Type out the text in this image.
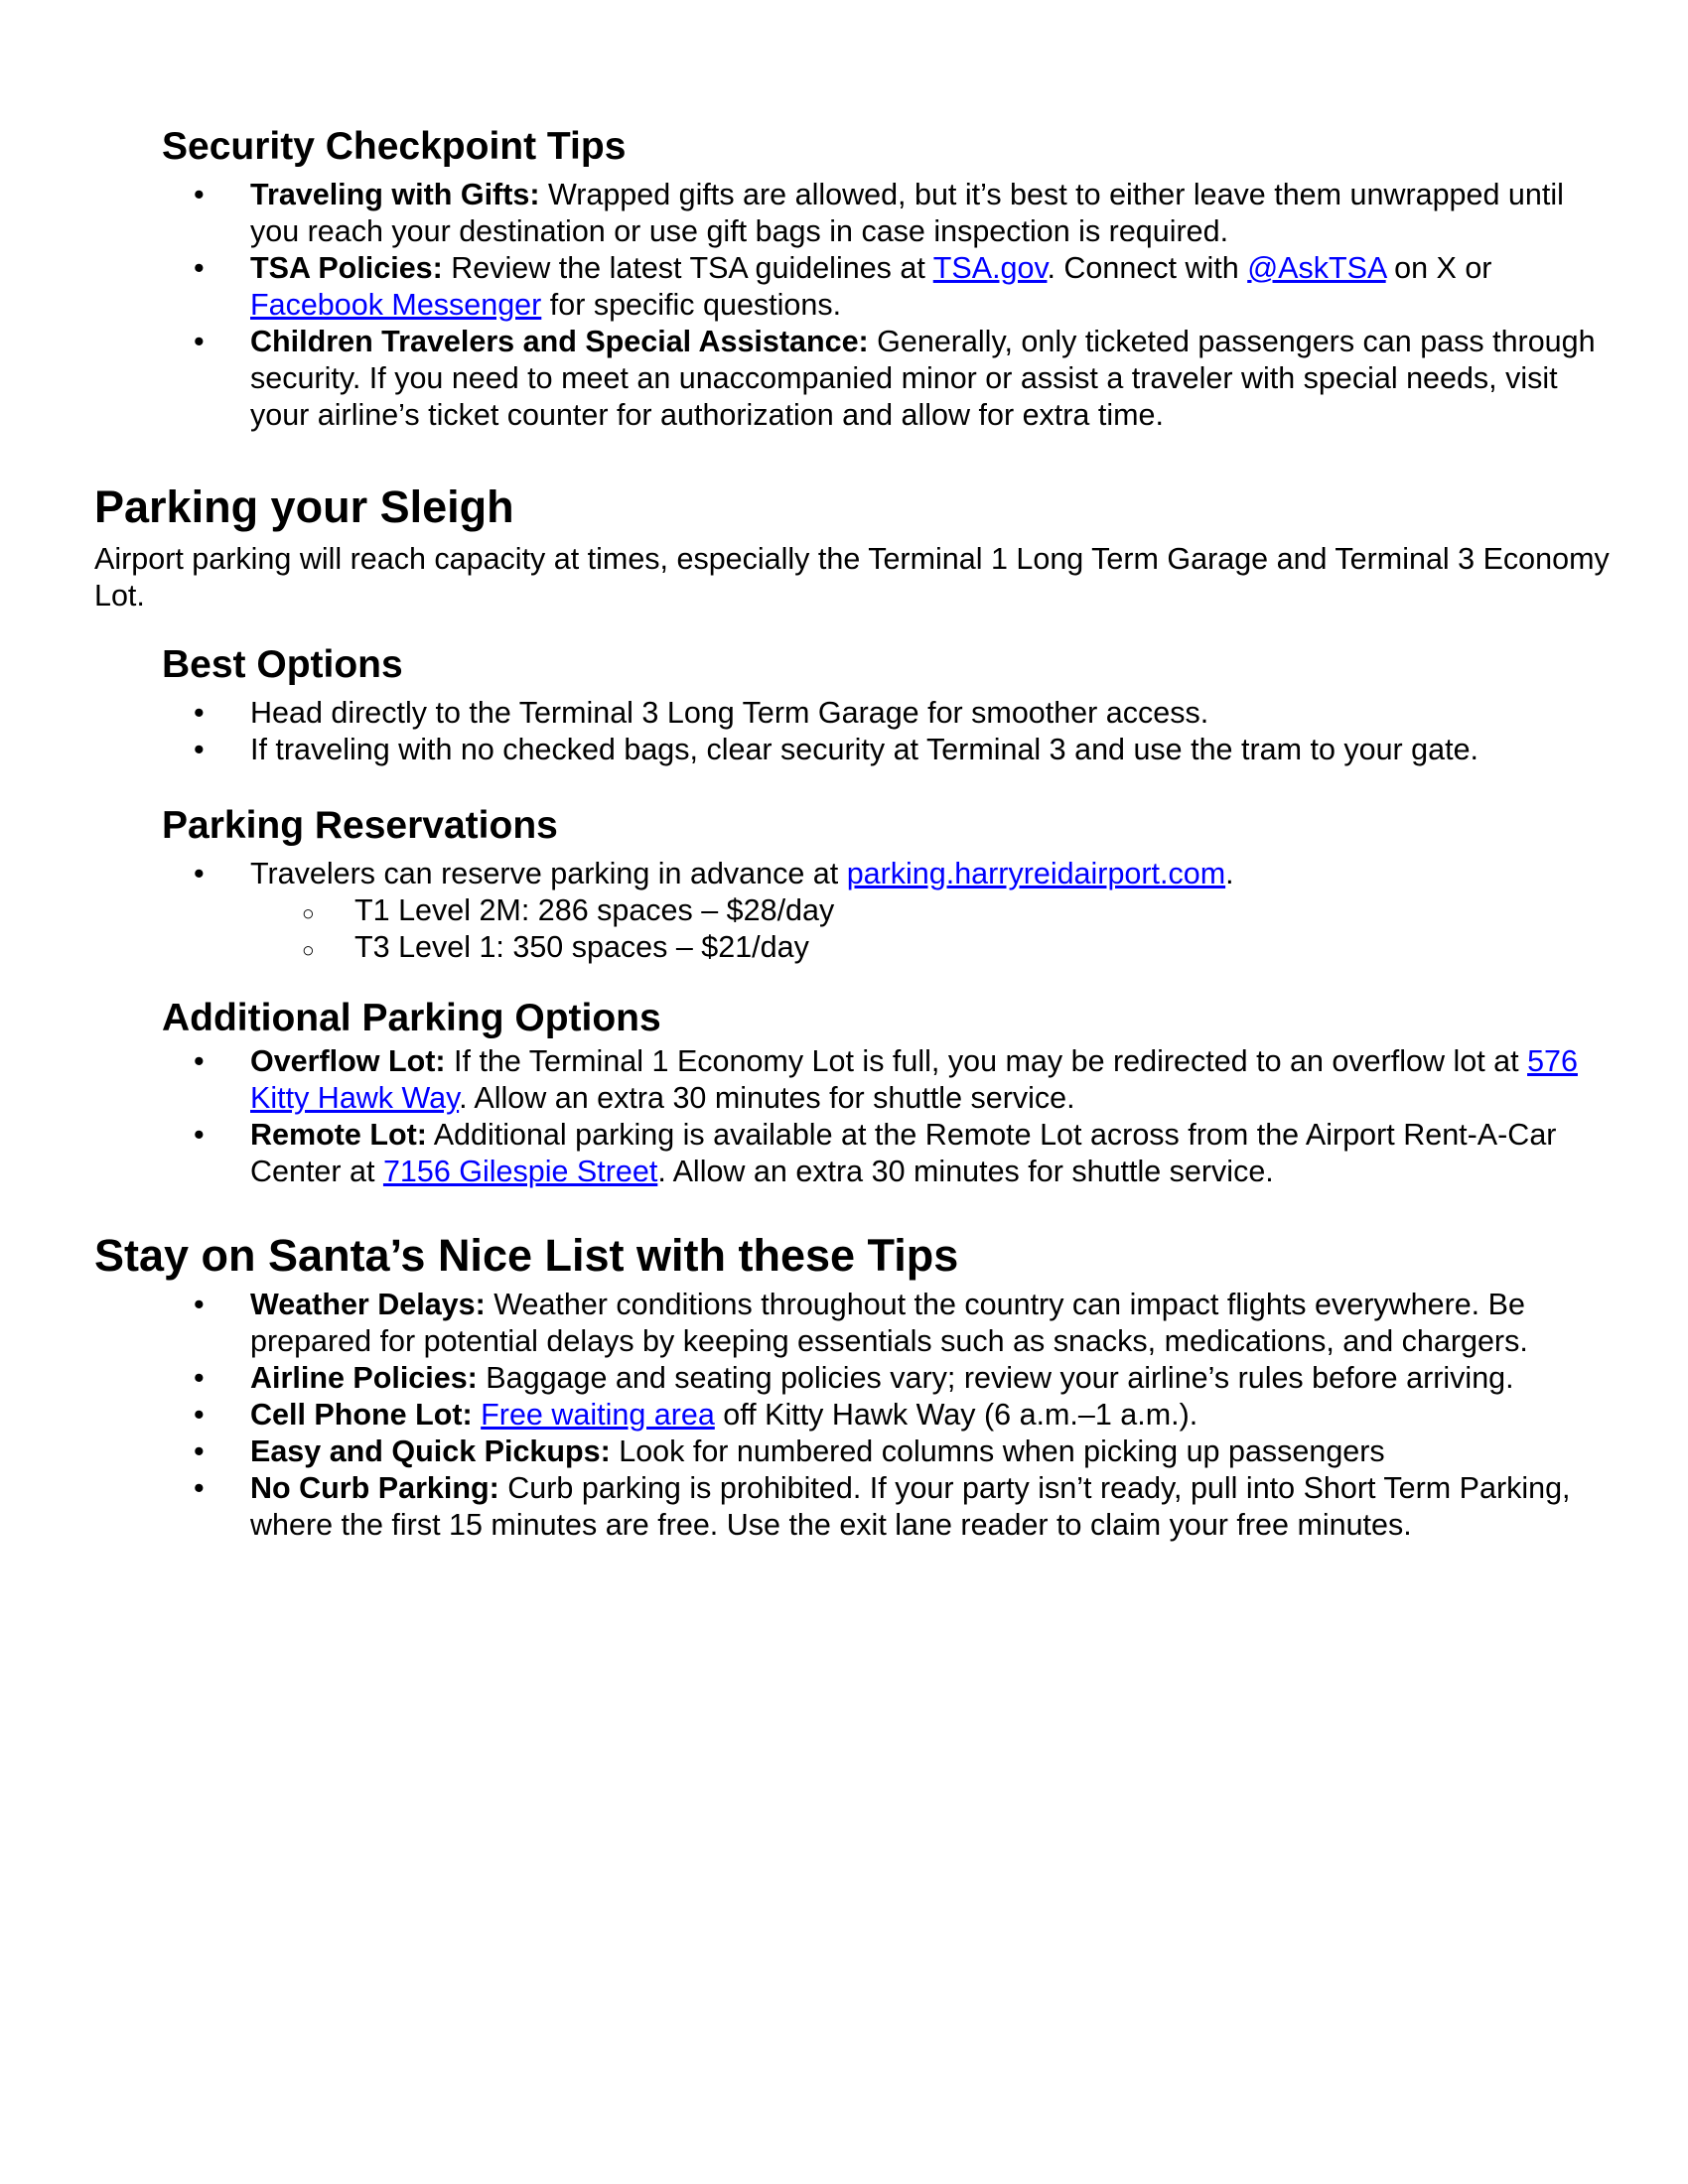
Security Checkpoint Tips
• Traveling with Gifts: Wrapped gifts are allowed, but it’s best to either leave them unwrapped until you reach your destination or use gift bags in case inspection is required.
• TSA Policies: Review the latest TSA guidelines at TSA.gov. Connect with @AskTSA on X or Facebook Messenger for specific questions.
• Children Travelers and Special Assistance: Generally, only ticketed passengers can pass through security. If you need to meet an unaccompanied minor or assist a traveler with special needs, visit your airline’s ticket counter for authorization and allow for extra time.
Parking your Sleigh

Airport parking will reach capacity at times, especially the Terminal 1 Long Term Garage and Terminal 3 Economy Lot.

Best Options
• Head directly to the Terminal 3 Long Term Garage for smoother access.
• If traveling with no checked bags, clear security at Terminal 3 and use the tram to your gate.
Parking Reservations
• Travelers can reserve parking in advance at parking.harryreidairport.com.
○ T1 Level 2M: 286 spaces – $28/day
○ T3 Level 1: 350 spaces – $21/day
Additional Parking Options
• Overflow Lot: If the Terminal 1 Economy Lot is full, you may be redirected to an overflow lot at 576 Kitty Hawk Way. Allow an extra 30 minutes for shuttle service.
• Remote Lot: Additional parking is available at the Remote Lot across from the Airport Rent-A-Car Center at 7156 Gilespie Street. Allow an extra 30 minutes for shuttle service.
Stay on Santa’s Nice List with these Tips
• Weather Delays: Weather conditions throughout the country can impact flights everywhere. Be prepared for potential delays by keeping essentials such as snacks, medications, and chargers.
• Airline Policies: Baggage and seating policies vary; review your airline’s rules before arriving.
• Cell Phone Lot: Free waiting area off Kitty Hawk Way (6 a.m.–1 a.m.).
• Easy and Quick Pickups: Look for numbered columns when picking up passengers
• No Curb Parking: Curb parking is prohibited. If your party isn’t ready, pull into Short Term Parking, where the first 15 minutes are free. Use the exit lane reader to claim your free minutes.
